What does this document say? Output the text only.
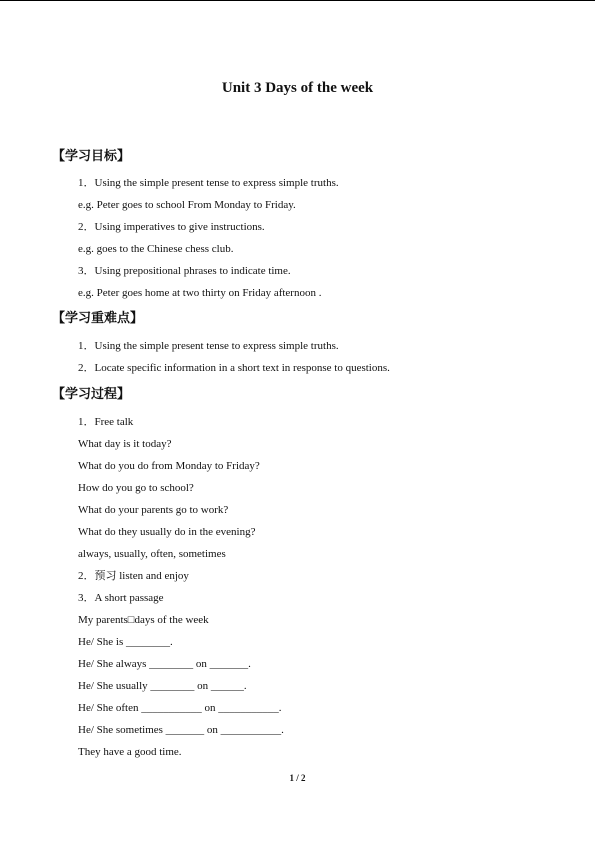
Unit 3 Days of the week
【学习目标】
1．Using the simple present tense to express simple truths.
e.g. Peter goes to school From Monday to Friday.
2．Using imperatives to give instructions.
e.g. goes to the Chinese chess club.
3．Using prepositional phrases to indicate time.
e.g. Peter goes home at two thirty on Friday afternoon .
【学习重难点】
1．Using the simple present tense to express simple truths.
2．Locate specific information in a short text in response to questions.
【学习过程】
1．Free talk
What day is it today?
What do you do from Monday to Friday?
How do you go to school?
What do your parents go to work?
What do they usually do in the evening?
always, usually, often, sometimes
2．预习 listen and enjoy
3．A short passage
My parents□days of the week
He/ She is ________.
He/ She always ________ on _______.
He/ She usually ________ on ______.
He/ She often ___________ on ___________.
He/ She sometimes _______ on ___________.
They have a good time.
1 / 2
